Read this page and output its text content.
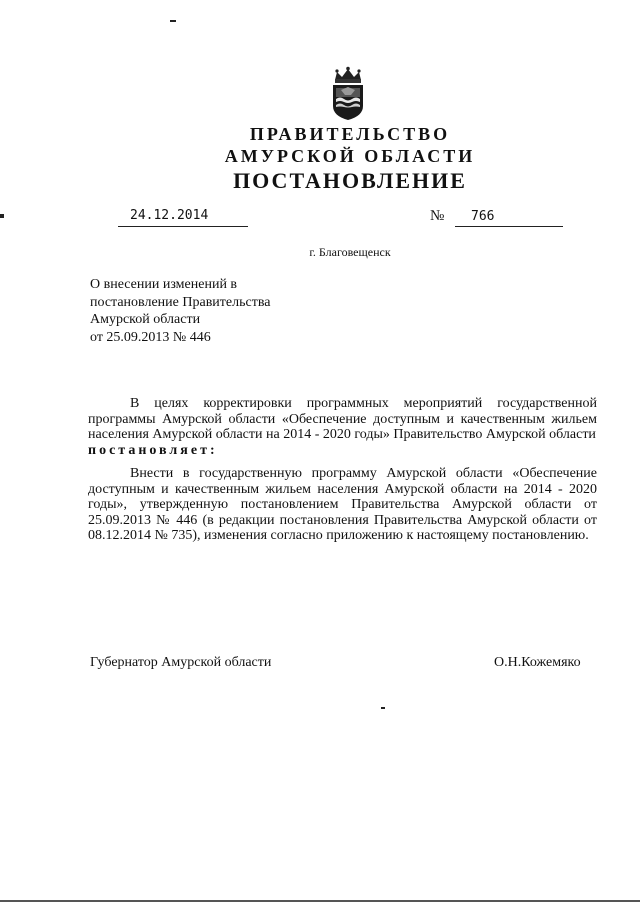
ПРАВИТЕЛЬСТВО
АМУРСКОЙ ОБЛАСТИ
ПОСТАНОВЛЕНИЕ
24.12.2014	№	766
г. Благовещенск
О внесении изменений в
постановление Правительства
Амурской области
от 25.09.2013 № 446
В целях корректировки программных мероприятий государственной программы Амурской области «Обеспечение доступным и качественным жильем населения Амурской области на 2014 - 2020 годы» Правительство Амурской области
постановляет:
Внести в государственную программу Амурской области «Обеспечение доступным и качественным жильем населения Амурской области на 2014 - 2020 годы», утвержденную постановлением Правительства Амурской области от 25.09.2013 № 446 (в редакции постановления Правительства Амурской области от 08.12.2014 № 735), изменения согласно приложению к настоящему постановлению.
Губернатор Амурской области	О.Н.Кожемяко
